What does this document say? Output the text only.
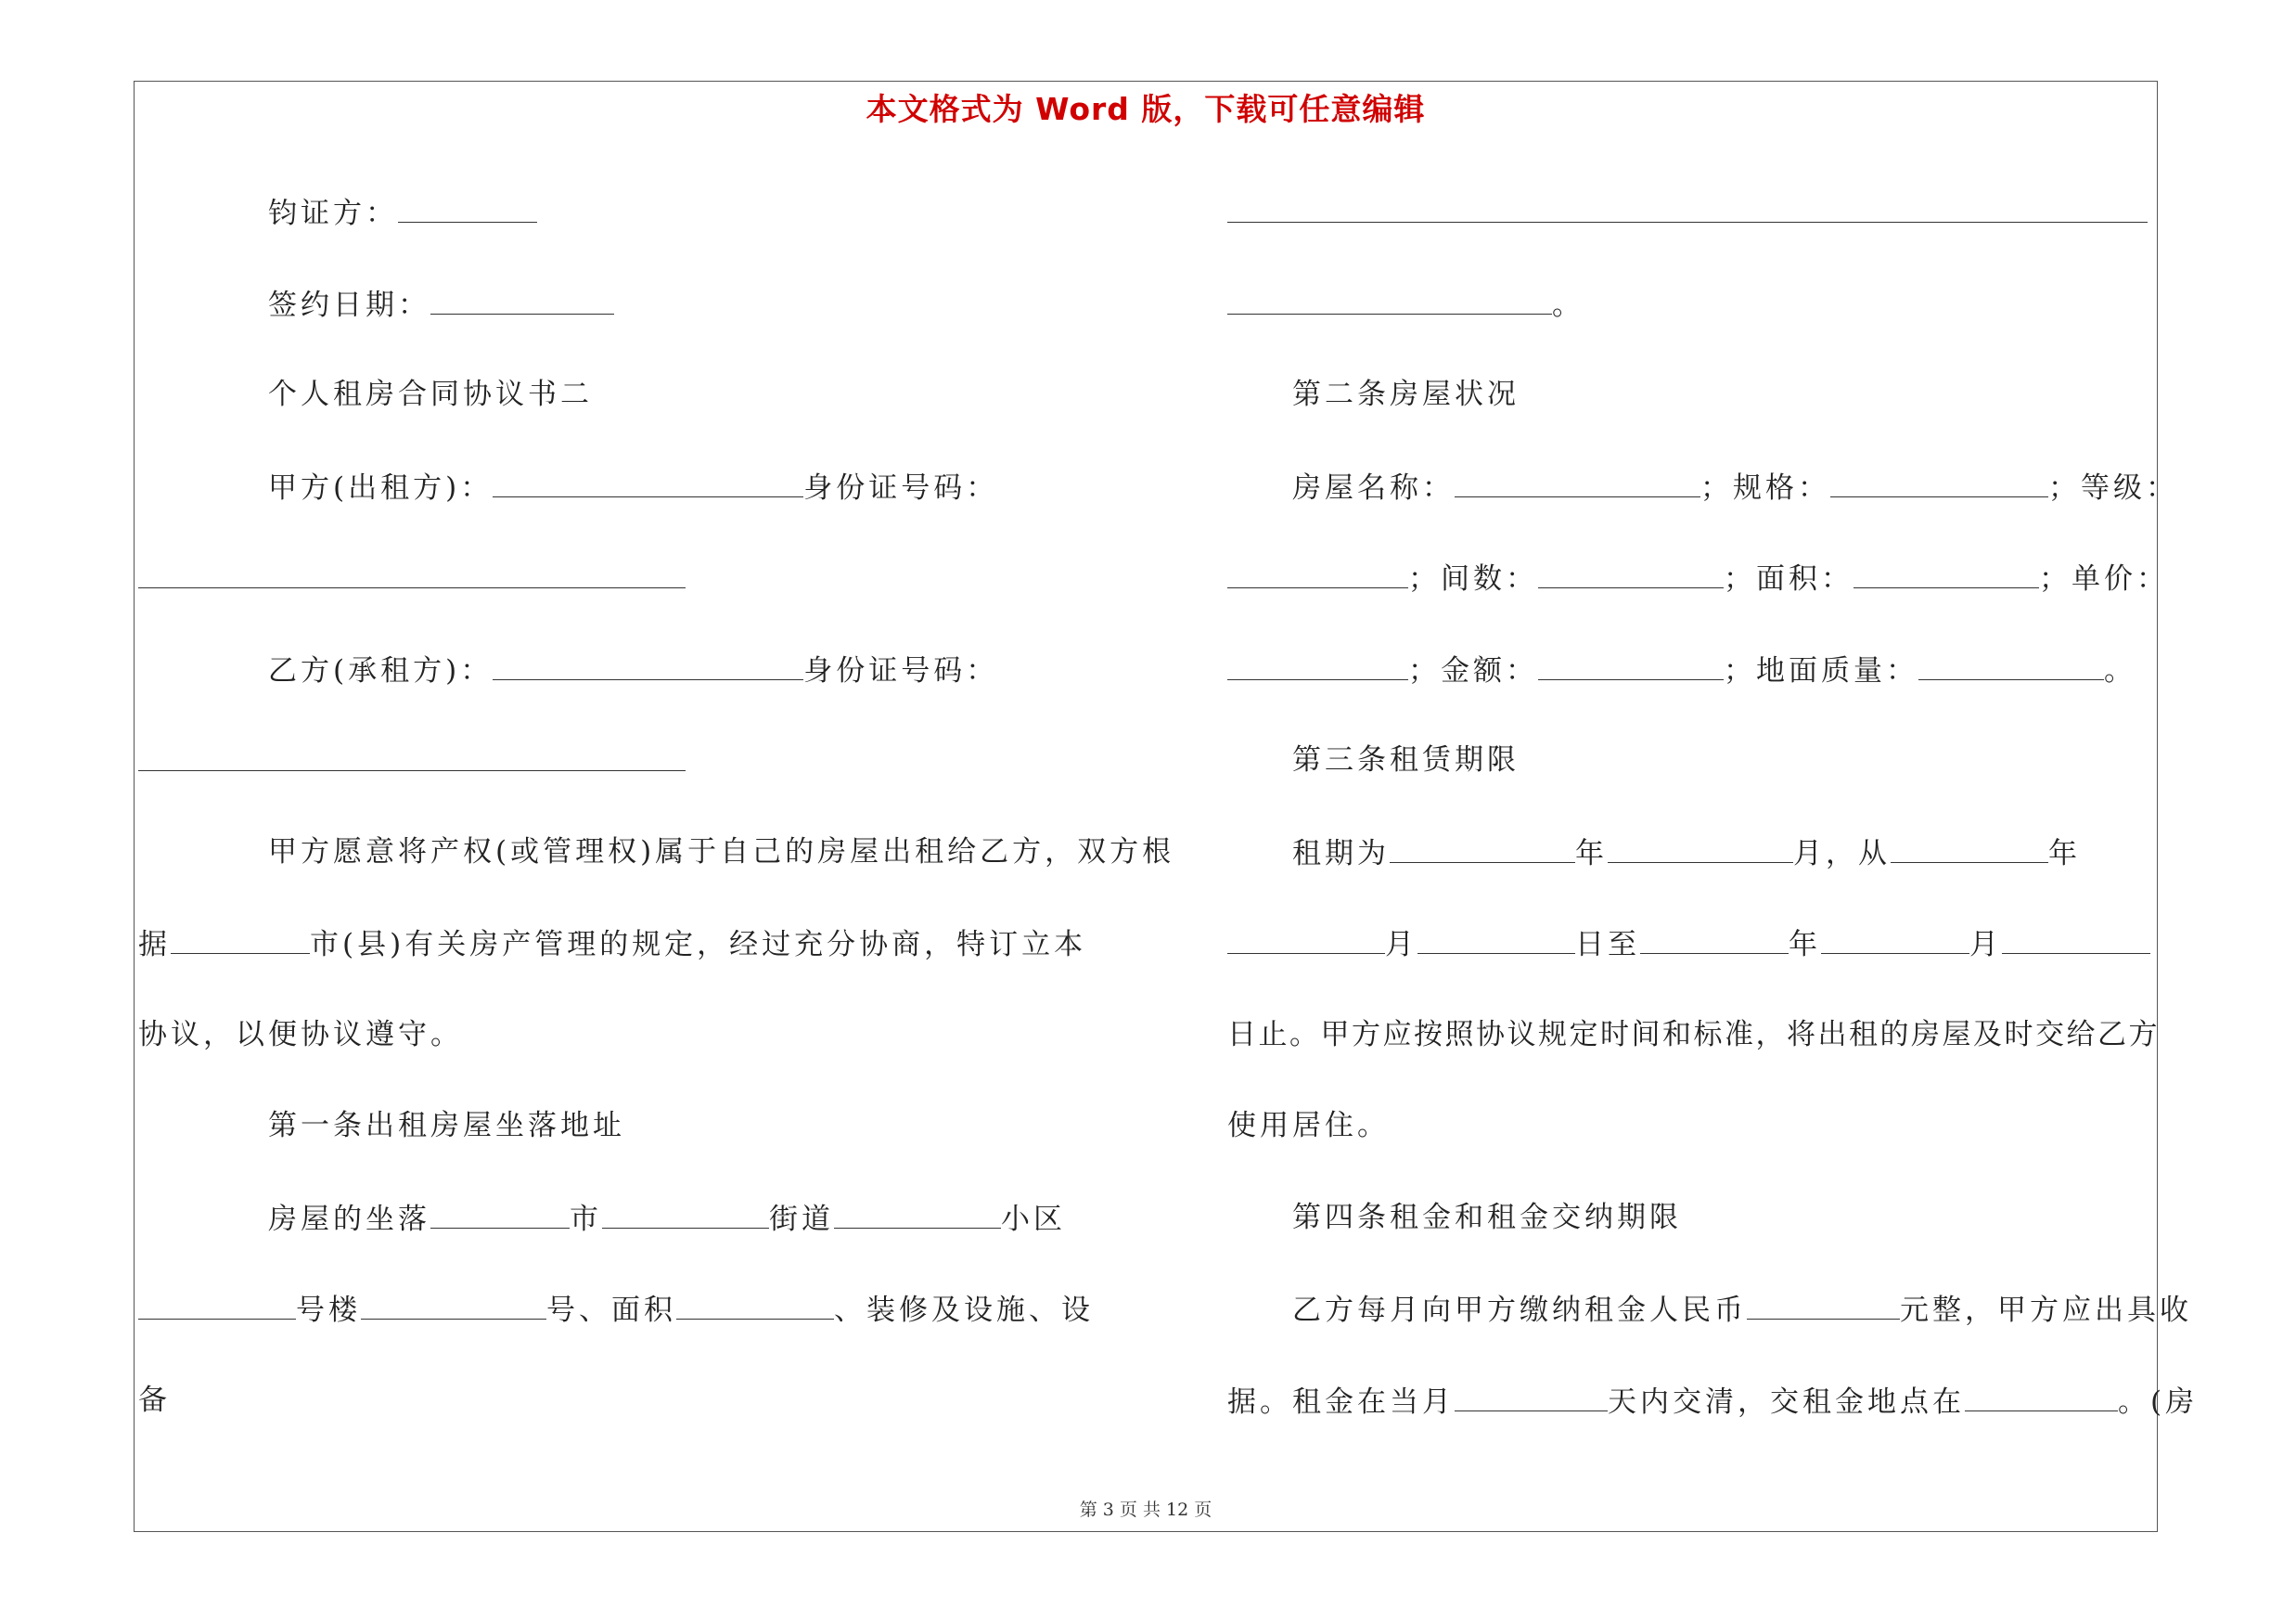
本文格式为 Word 版，下载可任意编辑
钧证方：
签约日期：
个人租房合同协议书二
甲方(出租方)：	身份证号码：
乙方(承租方)：	身份证号码：
甲方愿意将产权(或管理权)属于自己的房屋出租给乙方，双方根
据	市(县)有关房产管理的规定，经过充分协商，特订立本
协议，以便协议遵守。
第一条出租房屋坐落地址
房屋的坐落	市	街道	小区
号楼	号、面积	、装修及设施、设
备
。
第二条房屋状况
房屋名称：	；规格：	；等级：
；间数：	；面积：	；单价：
；金额：	；地面质量：	。
第三条租赁期限
租期为	年	月，从	年
月	日至	年	月
日止。甲方应按照协议规定时间和标准，将出租的房屋及时交给乙方
使用居住。
第四条租金和租金交纳期限
乙方每月向甲方缴纳租金人民币	元整，甲方应出具收
据。租金在当月	天内交清，交租金地点在	。(房
第 3 页 共 12 页
